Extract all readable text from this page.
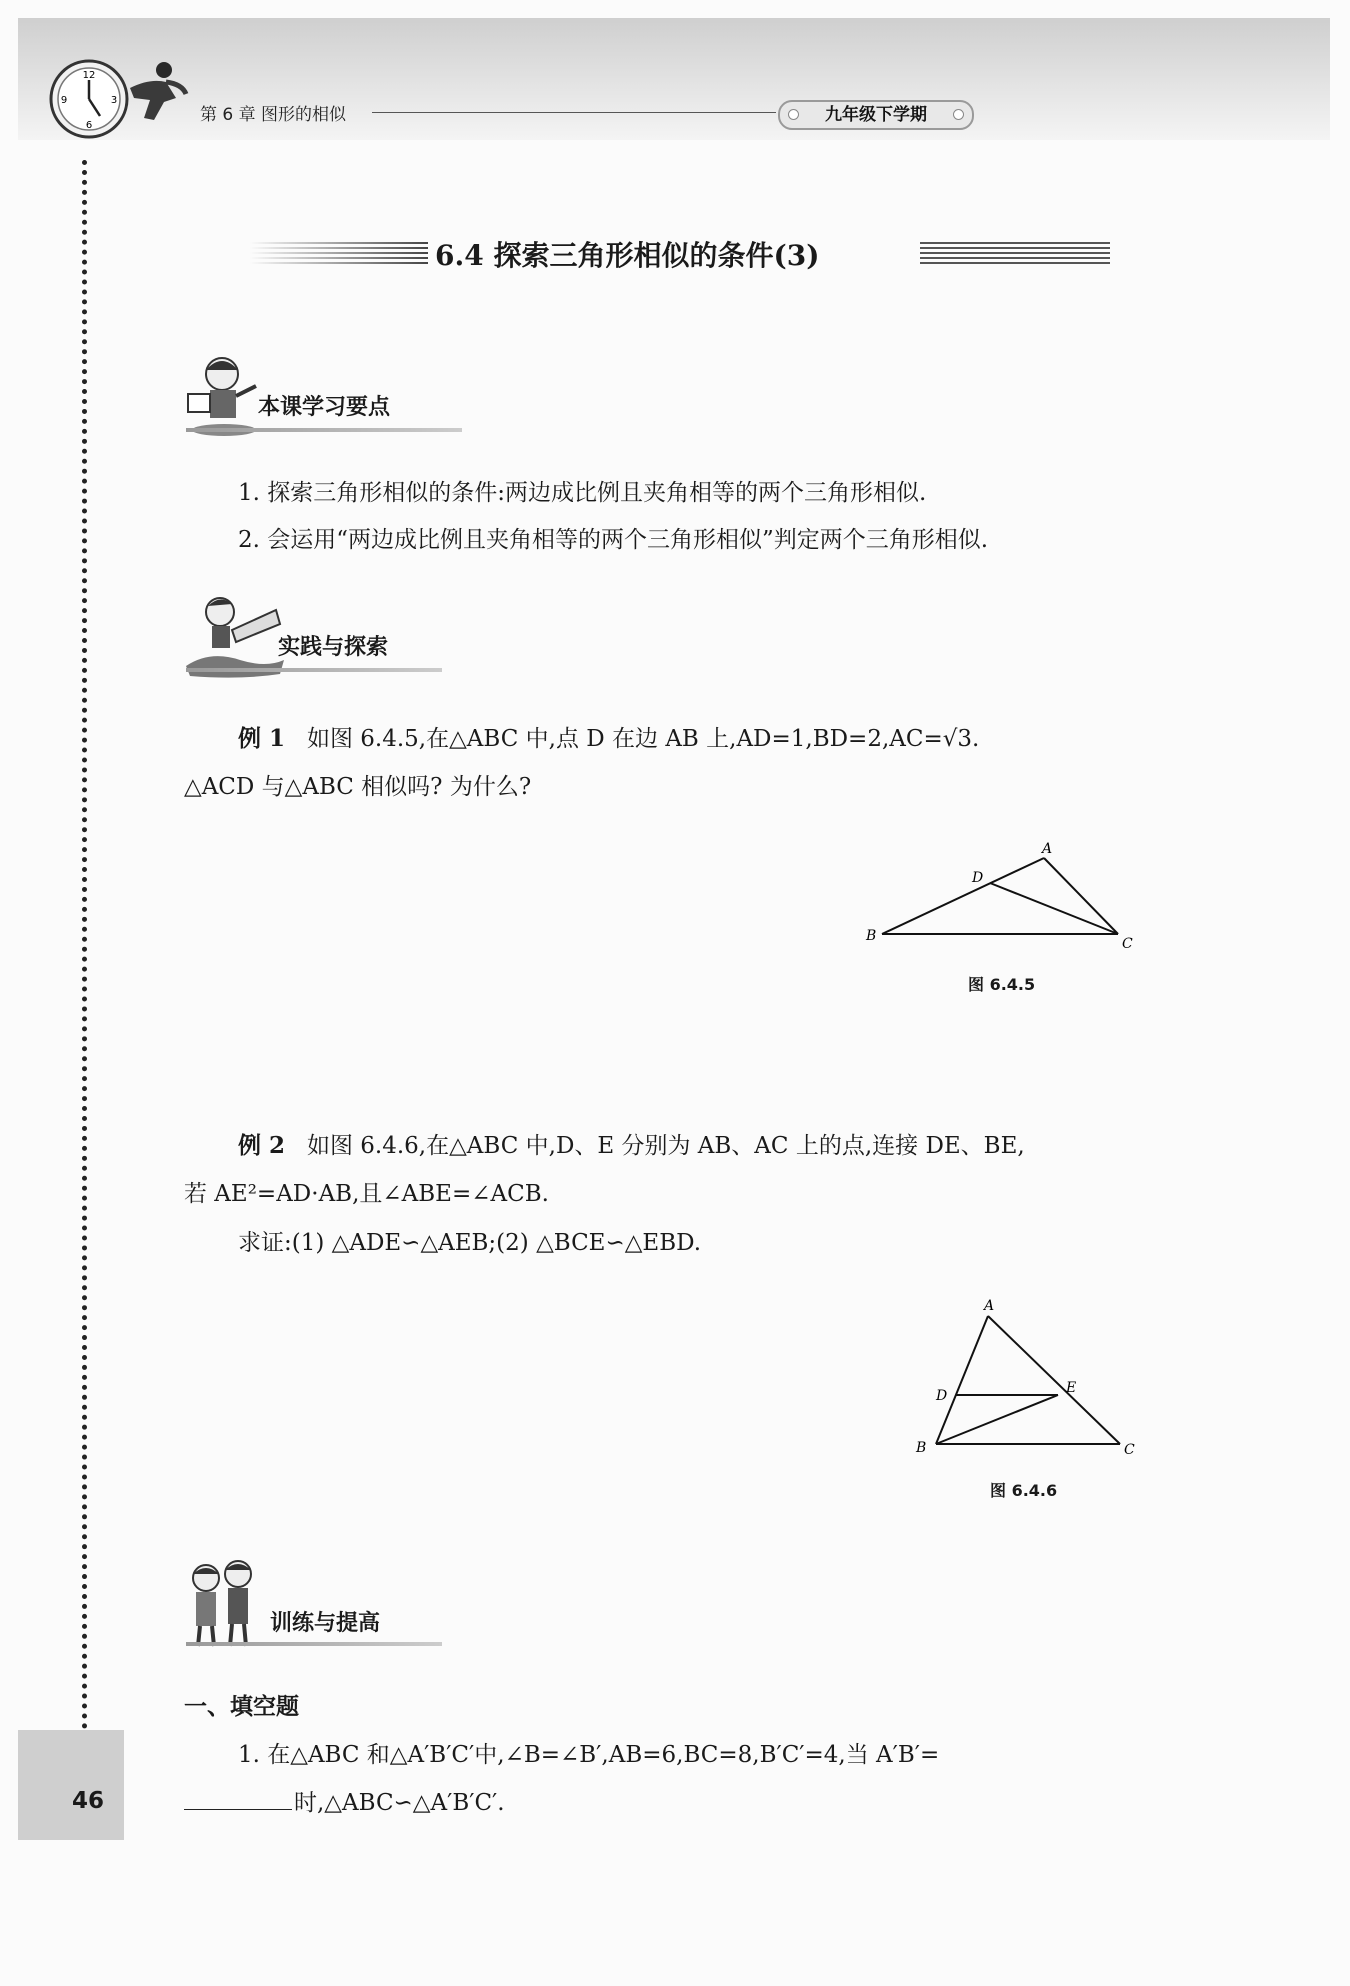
12
3
6
9
第 6 章 图形的相似	九年级下学期
46
6.4 探索三角形相似的条件(3)
本课学习要点
1. 探索三角形相似的条件:两边成比例且夹角相等的两个三角形相似.
2. 会运用“两边成比例且夹角相等的两个三角形相似”判定两个三角形相似.
实践与探索
例 1 如图 6.4.5,在△ABC 中,点 D 在边 AB 上,AD=1,BD=2,AC=√3.
△ACD 与△ABC 相似吗? 为什么?
A
B	C
D
图 6.4.5
例 2 如图 6.4.6,在△ABC 中,D、E 分别为 AB、AC 上的点,连接 DE、BE,
若 AE²=AD·AB,且∠ABE=∠ACB.
求证:(1) △ADE∽△AEB;(2) △BCE∽△EBD.
A
B	C
D	E
图 6.4.6
训练与提高
一、填空题
1. 在△ABC 和△A′B′C′中,∠B=∠B′,AB=6,BC=8,B′C′=4,当 A′B′=
时,△ABC∽△A′B′C′.
